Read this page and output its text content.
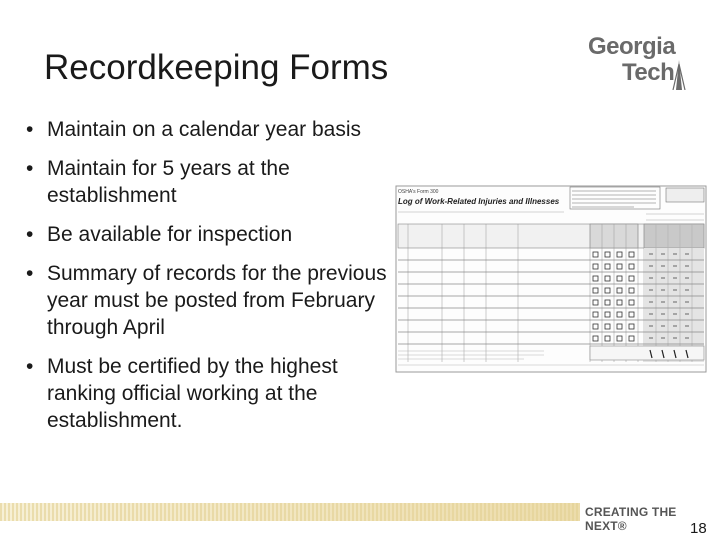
Recordkeeping Forms
Georgia
Tech
• Maintain on a calendar year basis
• Maintain for 5 years at the establishment
• Be available for inspection
• Summary of records for the previous year must be posted from February through April
• Must be certified by the highest ranking official working at the establishment.
OSHA's Form 300
Log of Work-Related Injuries and Illnesses
CREATING THE NEXT®	18
